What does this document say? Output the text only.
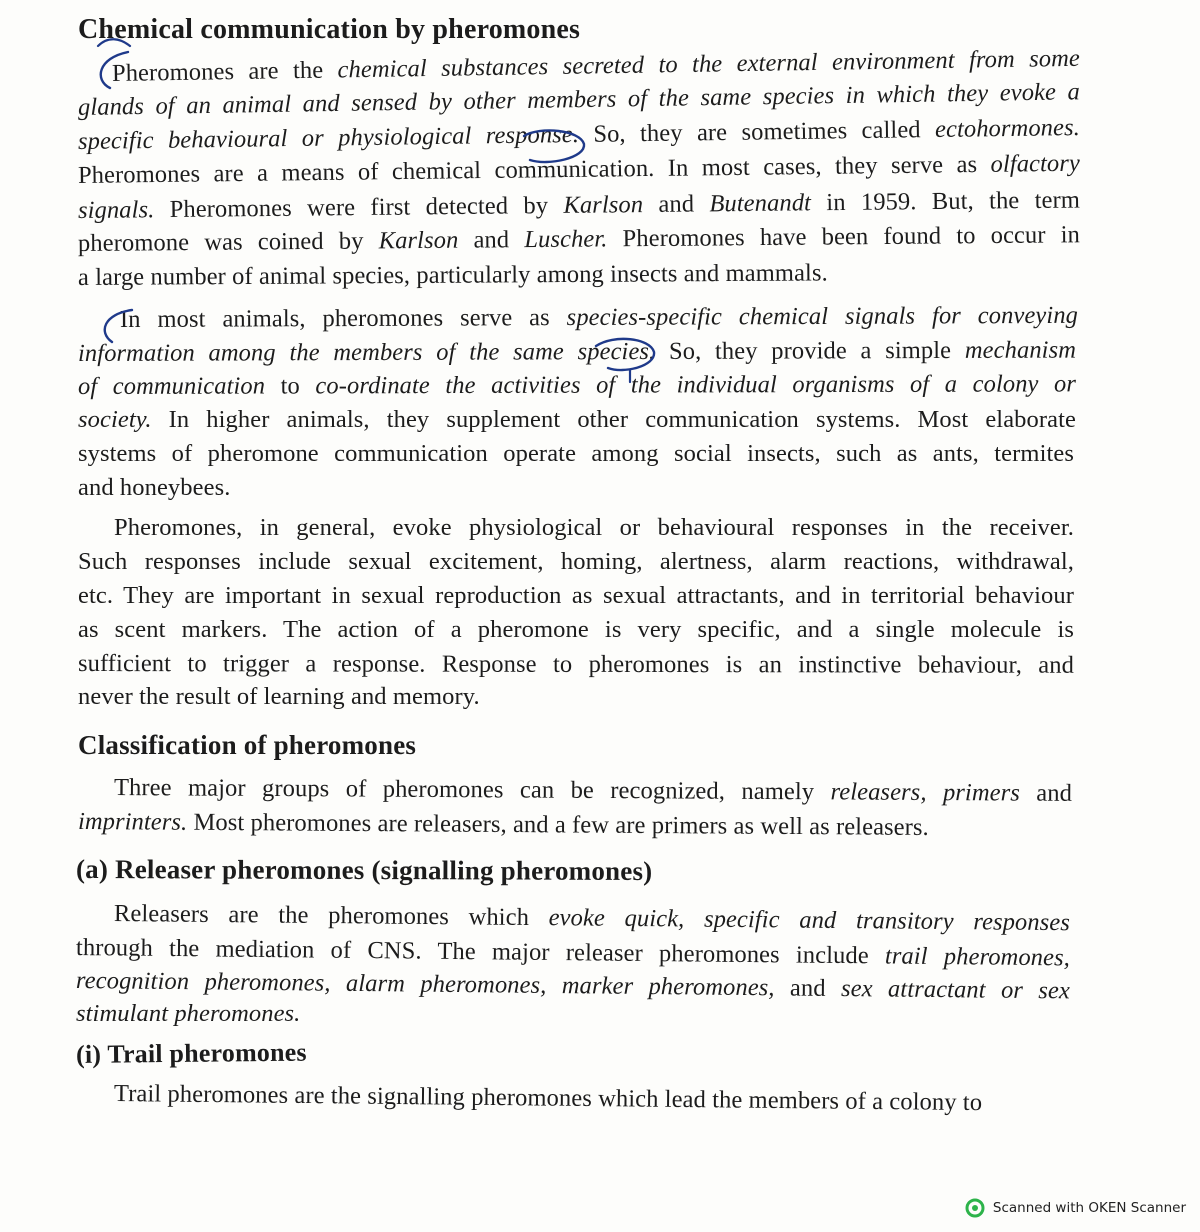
Chemical communication by pheromones
Pheromones are the chemical substances secreted to the external environment from some
glands of an animal and sensed by other members of the same species in which they evoke a
specific behavioural or physiological response. So, they are sometimes called ectohormones.
Pheromones are a means of chemical communication. In most cases, they serve as olfactory
signals. Pheromones were first detected by Karlson and Butenandt in 1959. But, the term
pheromone was coined by Karlson and Luscher. Pheromones have been found to occur in
a large number of animal species, particularly among insects and mammals.
In most animals, pheromones serve as species-specific chemical signals for conveying
information among the members of the same species. So, they provide a simple mechanism
of communication to co-ordinate the activities of the individual organisms of a colony or
society. In higher animals, they supplement other communication systems. Most elaborate
systems of pheromone communication operate among social insects, such as ants, termites
and honeybees.
Pheromones, in general, evoke physiological or behavioural responses in the receiver.
Such responses include sexual excitement, homing, alertness, alarm reactions, withdrawal,
etc. They are important in sexual reproduction as sexual attractants, and in territorial behaviour
as scent markers. The action of a pheromone is very specific, and a single molecule is
sufficient to trigger a response. Response to pheromones is an instinctive behaviour, and
never the result of learning and memory.
Classification of pheromones
Three major groups of pheromones can be recognized, namely releasers, primers and
imprinters. Most pheromones are releasers, and a few are primers as well as releasers.
(a) Releaser pheromones (signalling pheromones)
Releasers are the pheromones which evoke quick, specific and transitory responses
through the mediation of CNS. The major releaser pheromones include trail pheromones,
recognition pheromones, alarm pheromones, marker pheromones, and sex attractant or sex
stimulant pheromones.
(i) Trail pheromones
Trail pheromones are the signalling pheromones which lead the members of a colony to
Scanned with OKEN Scanner
